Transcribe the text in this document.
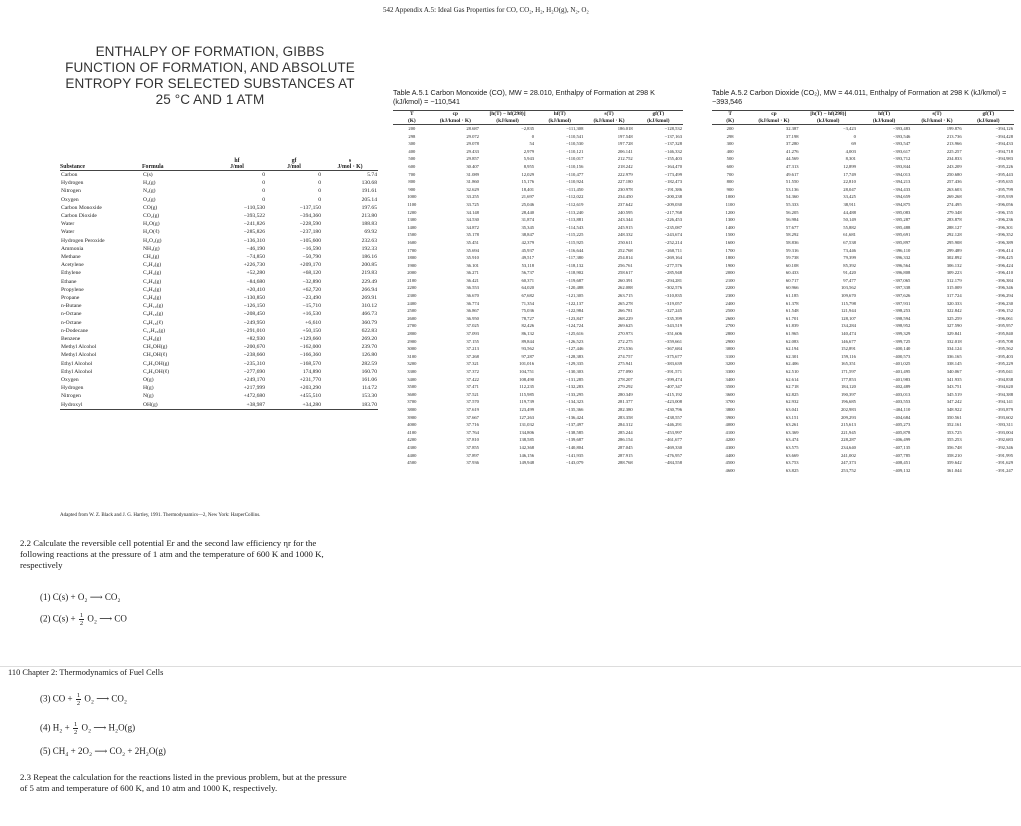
542 Appendix A.5: Ideal Gas Properties for CO, CO₂, H₂, H₂O(g), N₂, O₂
ENTHALPY OF FORMATION, GIBBS FUNCTION OF FORMATION, AND ABSOLUTE ENTROPY FOR SELECTED SUBSTANCES AT 25 °C AND 1 ATM
		hf	gf	s
Substance	Formula	J/mol	J/mol	J/mol · K)
Carbon	C(s)	0	0	5.74
Hydrogen	H₂(g)	0	0	130.68
Nitrogen	N₂(g)	0	0	191.61
Oxygen	O₂(g)	0	0	205.14
Carbon Monoxide	CO(g)	−110,530	−137,150	197.65
Carbon Dioxide	CO₂(g)	−393,522	−394,360	213.80
Water	H₂O(g)	−241,826	−228,590	188.83
Water	H₂O(ℓ)	−285,826	−237,180	69.92
Hydrogen Peroxide	H₂O₂(g)	−136,310	−105,600	232.63
Ammonia	NH₃(g)	−46,190	−16,590	192.33
Methane	CH₄(g)	−74,850	−50,790	186.16
Acetylene	C₂H₂(g)	+226,730	+209,170	200.85
Ethylene	C₂H₄(g)	+52,280	+68,120	219.83
Ethane	C₂H₆(g)	−84,680	−32,890	229.49
Propylene	C₃H₆(g)	+20,410	+62,720	266.94
Propane	C₃H₈(g)	−130,850	−23,490	269.91
n-Butane	C₄H₁₀(g)	−126,150	−15,710	310.12
n-Octane	C₈H₁₈(g)	−208,450	+16,530	466.73
n-Octane	C₈H₁₈(ℓ)	−249,950	+6,610	360.79
n-Dodecane	C₁₂H₂₆(g)	−291,010	+50,150	622.83
Benzene	C₆H₆(g)	+82,930	+129,660	269.20
Methyl Alcohol	CH₃OH(g)	−200,670	−162,000	239.70
Methyl Alcohol	CH₃OH(ℓ)	−238,660	−166,360	126.80
Ethyl Alcohol	C₂H₅OH(g)	−235,310	−168,570	282.59
Ethyl Alcohol	C₂H₅OH(ℓ)	−277,690	174,890	160.70
Oxygen	O(g)	+249,170	+231,770	161.06
Hydrogen	H(g)	+217,999	+203,290	114.72
Nitrogen	N(g)	+472,680	+455,510	153.30
Hydroxyl	OH(g)	+38,987	+34,280	183.70
Adapted from W. Z. Black and J. G. Hartley, 1991. Thermodynamics—2, New York: HarperCollins.
Table A.5.1 Carbon Monoxide (CO), MW = 28.010, Enthalpy of Formation at 298 K (kJ/kmol) = −110,541
T	cp	[h(T) − hf(298)]	hf(T)	s(T)	gf(T)
(K)	(kJ/kmol · K)	(kJ/kmol)	(kJ/kmol)	(kJ/kmol · K)	(kJ/kmol)
200	28.687	−2,835	−111,308	186.018	−128,532
298	29.072	0	−110,541	197.548	−137,163
300	29.078	54	−110,530	197.728	−137,328
400	29.433	2,979	−110,121	206.141	−146,332
500	29.857	5,943	−110,017	212.752	−155,403
600	30.407	8,955	−110,156	218.242	−164,470
700	31.089	12,029	−110,477	222.979	−173,499
800	31.860	15,176	−110,924	227.180	−182,473
900	32.629	18,401	−111,450	230.978	−191,386
1000	33.255	21,697	−112,022	234.450	−200,238
1100	33.725	25,046	−112,619	237.642	−209,030
1200	34.148	28,440	−113,240	240.595	−217,768
1300	34.530	31,874	−113,881	243.344	−226,453
1400	34.872	35,345	−114,543	245.915	−235,087
1500	35.178	38,847	−115,225	248.332	−243,674
1600	35.451	42,379	−115,925	250.611	−252,214
1700	35.694	45,937	−116,644	252.768	−260,711
1800	35.910	49,517	−117,380	254.814	−269,164
1900	36.101	53,118	−118,132	256.761	−277,576
2000	36.271	56,737	−118,902	258.617	−285,948
2100	36.421	60,371	−119,687	260.391	−294,281
2200	36.553	64,020	−120,488	262.088	−302,576
2300	36.670	67,682	−121,305	263.715	−310,835
2400	36.774	71,354	−122,137	265.278	−319,057
2500	36.867	75,036	−122,984	266.781	−327,245
2600	36.950	78,727	−123,847	268.229	−335,399
2700	37.025	82,426	−124,724	269.625	−343,519
2800	37.093	86,132	−125,616	270.973	−351,606
2900	37.155	89,844	−126,523	272.275	−359,661
3000	37.213	93,562	−127,446	273.536	−367,684
3100	37.268	97,287	−128,383	274.757	−375,677
3200	37.321	101,016	−129,335	275.941	−383,639
3300	37.372	104,751	−130,303	277.090	−391,571
3400	37.422	108,490	−131,285	278.207	−399,474
3500	37.471	112,235	−132,283	279.292	−407,347
3600	37.521	115,985	−133,295	280.349	−415,192
3700	37.570	119,739	−134,323	281.377	−423,008
3800	37.619	123,499	−135,366	282.380	−430,796
3900	37.667	127,263	−136,424	283.358	−438,557
4000	37.716	131,032	−137,497	284.312	−446,291
4100	37.764	134,806	−138,585	285.244	−453,997
4200	37.810	138,585	−139,687	286.154	−461,677
4300	37.855	142,368	−140,804	287.045	−469,330
4400	37.897	146,156	−141,935	287.915	−476,957
4500	37.936	149,948	−143,079	288.768	−484,558
Table A.5.2 Carbon Dioxide (CO₂), MW = 44.011, Enthalpy of Formation at 298 K (kJ/kmol) = −393,546
T	cp	[h(T) − hf(298)]	hf(T)	s(T)	gf(T)
(K)	(kJ/kmol · K)	(kJ/kmol)	(kJ/kmol)	(kJ/kmol · K)	(kJ/kmol)
200	32.387	−3,423	−393,483	199.876	−394,126
298	37.198	0	−393,546	213.736	−394,428
300	37.280	69	−393,547	213.966	−394,433
400	41.276	4,003	−393,617	225.257	−394,718
500	44.569	8,301	−393,712	234.833	−394,983
600	47.313	12,899	−393,844	243.209	−395,226
700	49.617	17,749	−394,013	250.680	−395,443
800	51.550	22,810	−394,213	257.436	−395,635
900	53.136	28,047	−394,433	263.603	−395,799
1000	54.360	33,425	−394,659	269.268	−395,939
1100	55.333	38,911	−394,875	274.495	−396,056
1200	56.205	44,488	−395,083	279.348	−396,155
1300	56.984	50,149	−395,287	283.878	−396,236
1400	57.677	55,882	−395,488	288.127	−396,301
1500	58.292	61,681	−395,691	292.128	−396,352
1600	58.836	67,538	−395,897	295.908	−396,389
1700	59.316	73,446	−396,110	299.489	−396,414
1800	59.738	79,399	−396,332	302.892	−396,425
1900	60.108	85,392	−396,564	306.132	−396,424
2000	60.433	91,420	−396,808	309.223	−396,410
2100	60.717	97,477	−397,065	312.179	−396,384
2200	60.966	103,562	−397,338	315.009	−396,346
2300	61.185	109,670	−397,626	317.724	−396,294
2400	61.378	115,798	−397,931	320.333	−396,230
2500	61.548	121,944	−398,253	322.842	−396,152
2600	61.701	128,107	−398,594	325.259	−396,061
2700	61.839	134,284	−398,952	327.590	−395,957
2800	61.965	140,474	−399,329	329.841	−395,840
2900	62.083	146,677	−399,725	332.018	−395,708
3000	62.194	152,891	−400,140	334.124	−395,562
3100	62.301	159,116	−400,573	336.165	−395,403
3200	62.406	165,351	−401,025	338.145	−395,229
3300	62.510	171,597	−401,495	340.067	−395,041
3400	62.614	177,853	−401,983	341.935	−394,838
3500	62.718	184,120	−402,489	343.751	−394,620
3600	62.825	190,397	−403,013	345.519	−394,388
3700	62.932	196,685	−403,553	347.242	−394,141
3800	63.041	202,983	−404,110	348.922	−393,879
3900	63.151	209,293	−404,684	350.561	−393,602
4000	63.261	215,613	−405,273	352.161	−393,311
4100	63.369	221,945	−405,878	353.725	−393,004
4200	63.474	228,287	−406,499	355.253	−392,683
4300	63.575	234,640	−407,135	356.748	−392,346
4400	63.669	241,002	−407,785	358.210	−391,995
4500	63.753	247,373	−408,451	359.642	−391,629
4600	63.825	253,752	−409,132	361.044	−391,247
2.2 Calculate the reversible cell potential Er and the second law efficiency ηr for the following reactions at the pressure of 1 atm and the temperature of 600 K and 1000 K, respectively
(1) C(s) + O₂ ⟶ CO₂
(2) $C(s) + \frac{1}{2} O_2$ ⟶ CO
110 Chapter 2: Thermodynamics of Fuel Cells
(3) CO + $\frac{1}{2} O_2$ ⟶ CO₂
(4) $H_2 + \frac{1}{2} O_2$ ⟶ H₂O(g)
(5) CH₄ + 2O₂ ⟶ CO₂ + 2H₂O(g)
2.3 Repeat the calculation for the reactions listed in the previous problem, but at the pressure of 5 atm and temperature of 600 K, and 10 atm and 1000 K, respectively.
